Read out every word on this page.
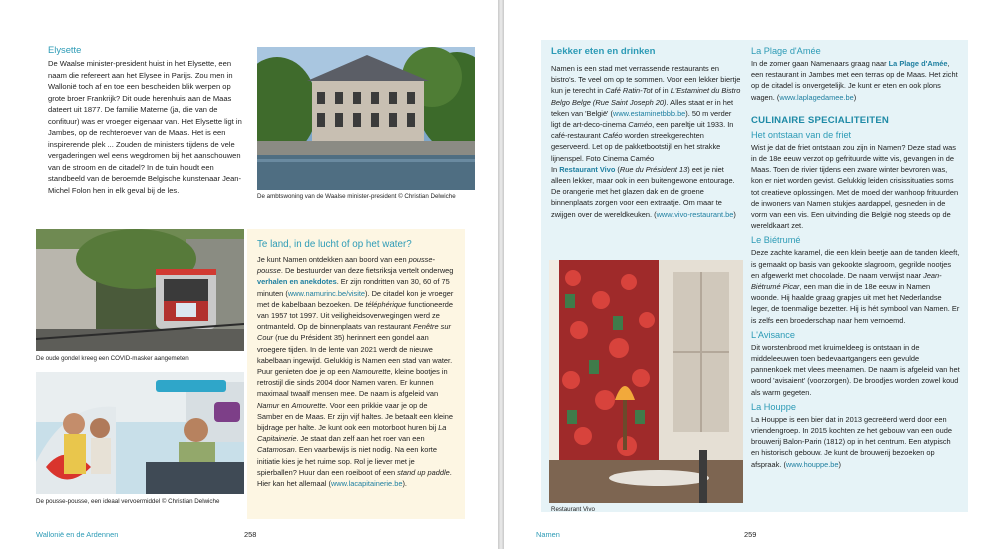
Elysette
De Waalse minister-president huist in het Elysette, een naam die refereert aan het Elysee in Parijs. Zou men in Wallonië toch af en toe een bescheiden blik werpen op grote broer Frankrijk? Dit oude herenhuis aan de Maas dateert uit 1877. De familie Materne (ja, die van de confituur) was er vroeger eigenaar van. Het Elysette ligt in Jambes, op de rechteroever van de Maas. Het is een inspirerende plek ... Zouden de ministers tijdens de vele vergaderingen wel eens wegdromen bij het aanschouwen van de stroom en de citadel? In de tuin houdt een standbeeld van de beroemde Belgische kunstenaar Jean-Michel Folon hen in elk geval bij de les.
De ambtswoning van de Waalse minister-president © Christian Delwiche
De oude gondel kreeg een COVID-masker aangemeten
De pousse-pousse, een ideaal vervoermiddel © Christian Delwiche
Te land, in de lucht of op het water?
Je kunt Namen ontdekken aan boord van een pousse-pousse. De bestuurder van deze fietsriksja vertelt onderweg verhalen en anekdotes. Er zijn rondritten van 30, 60 of 75 minuten (www.namurinc.be/visite). De citadel kon je vroeger met de kabelbaan bezoeken. De téléphérique functioneerde van 1957 tot 1997. Uit veiligheidsoverwegingen werd ze ontmanteld. Op de binnenplaats van restaurant Fenêtre sur Cour (rue du Président 35) herinnert een gondel aan vroegere tijden. In de lente van 2021 werdt de nieuwe kabelbaan ingewijd. Gelukkig is Namen een stad van water. Puur genieten doe je op een Namourette, kleine bootjes in retrostijl die sinds 2004 door Namen varen. Er kunnen maximaal twaalf mensen mee. De naam is afgeleid van Namur en Amourette. Voor een prikkie vaar je op de Samber en de Maas. Er zijn vijf haltes. Je betaalt een kleine bijdrage per halte. Je kunt ook een motorboot huren bij La Capitainerie. Je staat dan zelf aan het roer van een Catamosan. Een vaarbewijs is niet nodig. Na een korte initiatie kies je het ruime sop. Rol je liever met je spierballen? Huur dan een roeiboot of een stand up paddle. Hier kan het allemaal (www.lacapitainerie.be).
Wallonië en de Ardennen	258
Lekker eten en drinken
Namen is een stad met verrassende restaurants en bistro's. Te veel om op te sommen. Voor een lekker biertje kun je terecht in Café Ratin-Tot of in L'Estaminet du Bistro Belgo Belge (Rue Saint Joseph 20). Alles staat er in het teken van 'België' (www.estaminetbbb.be). 50 m verder ligt de art-deco-cinema Caméo, een pareltje uit 1933. In café-restaurant Caféo worden streekgerechten geserveerd. Let op de pakketbootstijl en het strakke lijnenspel. Foto Cinema Caméo
In Restaurant Vivo (Rue du Président 13) eet je niet alleen lekker, maar ook in een buitengewone entourage. De orangerie met het glazen dak en de groene binnenplaats zorgen voor een extraatje. Om maar te zwijgen over de wereldkeuken. (www.vivo-restaurant.be)
Restaurant Vivo
La Plage d'Amée
In de zomer gaan Namenaars graag naar La Plage d'Amée, een restaurant in Jambes met een terras op de Maas. Het zicht op de citadel is onvergetelijk. Je kunt er eten en ook plons wagen. (www.laplagedamee.be)
CULINAIRE SPECIALITEITEN
Het ontstaan van de friet
Wist je dat de friet ontstaan zou zijn in Namen? Deze stad was in de 18e eeuw verzot op gefrituurde witte vis, gevangen in de Maas. Toen de rivier tijdens een zware winter bevroren was, kon er niet worden gevist. Gelukkig leiden crisissituaties soms tot creatieve oplossingen. Met de moed der wanhoop frituurden de inwoners van Namen stukjes aardappel, gesneden in de vorm van een vis. Een uitvinding die België nog steeds op de wereldkaart zet.
Le Biétrumé
Deze zachte karamel, die een klein beetje aan de tanden kleeft, is gemaakt op basis van gekookte slagroom, gegrilde nootjes en afgewerkt met chocolade. De naam verwijst naar Jean-Biétrumé Picar, een man die in de 18e eeuw in Namen woonde. Hij haalde graag grapjes uit met het Nederlandse leger, de toenmalige bezetter. Hij is hét symbool van Namen. Er is zelfs een broederschap naar hem vernoemd.
L'Avisance
Dit worstenbrood met kruimeldeeg is ontstaan in de middeleeuwen toen bedevaartgangers een gevulde pannenkoek met vlees meenamen. De naam is afgeleid van het woord 'avisaient' (voorzorgen). De broodjes worden zowel koud als warm gegeten.
La Houppe
La Houppe is een bier dat in 2013 gecreëerd werd door een vriendengroep. In 2015 kochten ze het gebouw van een oude brouwerij Balon-Parin (1812) op in het centrum. Een atypisch en historisch gebouw. Je kunt de brouwerij bezoeken op afspraak. (www.houppe.be)
Namen	259
